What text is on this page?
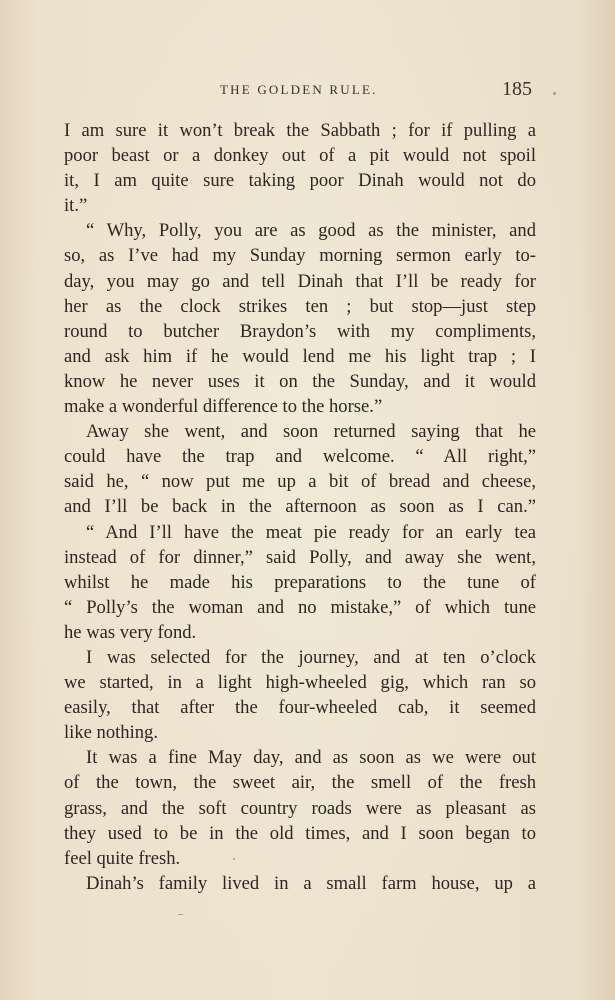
THE GOLDEN RULE.	185
I am sure it won’t break the Sabbath ; for if pulling a
poor beast or a donkey out of a pit would not spoil
it, I am quite sure taking poor Dinah would not do
it.”
“ Why, Polly, you are as good as the minister, and
so, as I’ve had my Sunday morning sermon early to-
day, you may go and tell Dinah that I’ll be ready for
her as the clock strikes ten ; but stop—just step
round to butcher Braydon’s with my compliments,
and ask him if he would lend me his light trap ; I
know he never uses it on the Sunday, and it would
make a wonderful difference to the horse.”
Away she went, and soon returned saying that he
could have the trap and welcome. “ All right,”
said he, “ now put me up a bit of bread and cheese,
and I’ll be back in the afternoon as soon as I can.”
“ And I’ll have the meat pie ready for an early tea
instead of for dinner,” said Polly, and away she went,
whilst he made his preparations to the tune of
“ Polly’s the woman and no mistake,” of which tune
he was very fond.
I was selected for the journey, and at ten o’clock
we started, in a light high-wheeled gig, which ran so
easily, that after the four-wheeled cab, it seemed
like nothing.
It was a fine May day, and as soon as we were out
of the town, the sweet air, the smell of the fresh
grass, and the soft country roads were as pleasant as
they used to be in the old times, and I soon began to
feel quite fresh.
Dinah’s family lived in a small farm house, up a
